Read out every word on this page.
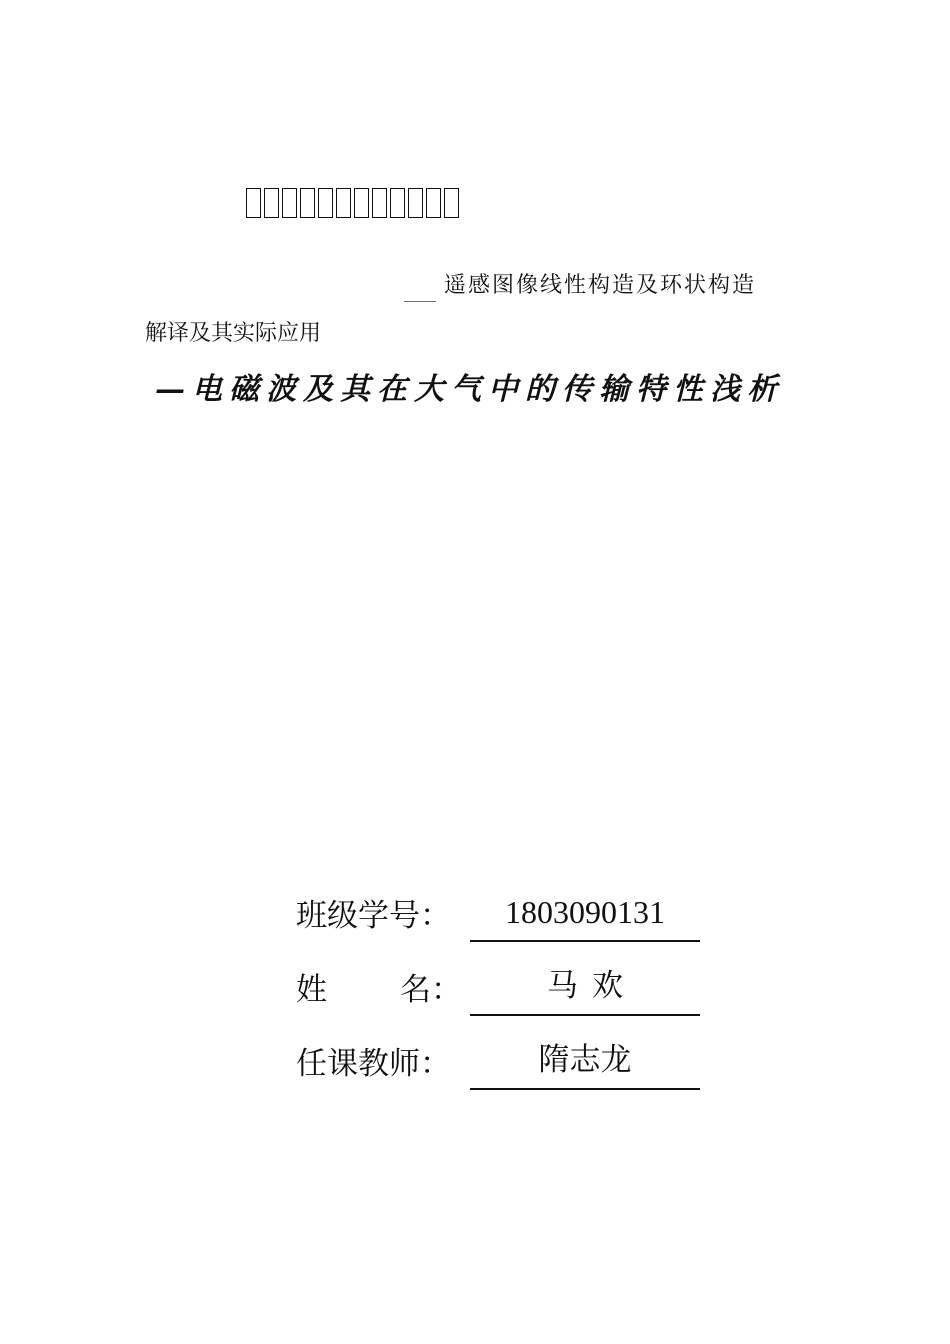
____ 遥感图像线性构造及环状构造
解译及其实际应用
—电磁波及其在大气中的传输特性浅析
班级学号：	1803090131
姓 名：	马 欢
任课教师：	隋志龙
